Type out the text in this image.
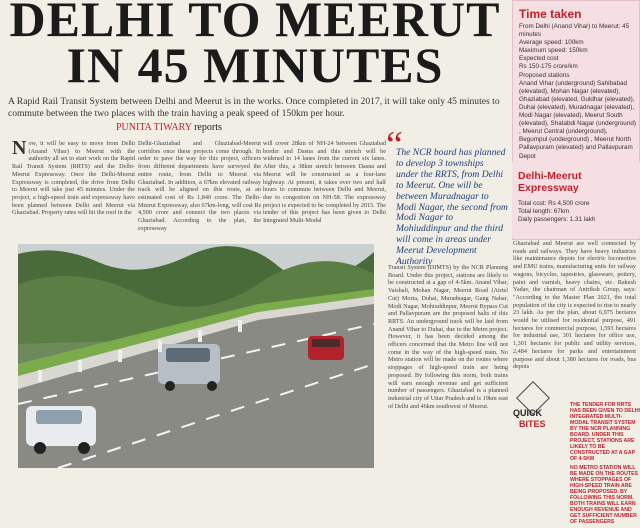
DELHI TO MEERUT
IN 45 MINUTES
A Rapid Rail Transit System between Delhi and Meerut is in the works. Once completed in 2017, it will take only 45 minutes to commute between the two places with the train having a peak speed of 150km per hour.
PUNITA TIWARY reports
Now, it will be easy to move from Delhi (Anand Vihar) to Meerut with the authority all set to start work on the Rapid Rail Transit System (RRTS) and the Delhi-Meerut Expressway. Once the Delhi-Meerut Expressway is completed, the drive from Delhi to Meerut will take just 45 minutes. Under the project, a high-speed train and expressway have been planned between Delhi and Meerut via Ghaziabad. Property rates will hit the roof in the
Delhi-Ghaziabad and Ghaziabad-Meerut corridors once these projects come through. In order to pave the way for this project, officers from different departments have surveyed the entire route, from Delhi to Meerut via Ghaziabad. In addition, a 67km elevated railway track will be aligned on this route, at an estimated cost of Rs 1,840 crore. The Delhi-Meerut Expressway, also 67km-long, will cost Rs 4,500 crore and connect the two places via Ghaziabad. According to the plan, the expressway
will cover 28km of NH-24 between Ghaziabad border and Dasna and this stretch will be widened to 14 lanes from the current six lanes. After this, a 38km stretch between Dasna and Meerut will be constructed as a four-lane highway. At present, it takes over two and half hours to commute between Delhi and Meerut, due to congestion on NH-58. The expressway project is expected to be completed by 2015. The tender of this project has been given to Delhi Integrated Multi-Modal
“
The NCR board has planned to develop 3 townships under the RRTS, from Delhi to Meerut. One will be between Muradnagar to Modi Nagar, the second from Modi Nagar to Mohiuddinpur and the third will come in areas under Meerut Development Authority
Transit System (DIMTS) by the NCR Planning Board. Under this project, stations are likely to be constructed at a gap of 4-5km. Anand Vihar, Vaishali, Mohan Nagar, Meerut Road (Airtel Cut) Morta, Duhai, Muradnagar, Gang Nahar, Modi Nagar, Mohiuddinpur, Meerut Bypass Cut and Pallavpuram are the proposed halts of this RRTS. An underground track will be laid from Anand Vihar to Duhai, due to the Metro project. However, it has been decided among the officers concerned that the Metro line will not come in the way of the high-speed train. No Metro station will be made on the routes where stoppages of high-speed train are being proposed. By following this norm, both trains will earn enough revenue and get sufficient number of passengers. Ghaziabad is a planned industrial city of Uttar Pradesh and is 19km east of Delhi and 46km southwest of Meerut.
Ghaziabad and Meerut are well connected by roads and railways. They have heavy industries like maintenance depots for electric locomotive and EMU trains, manufacturing units for railway wagons, bicycles, tapestries, glassware, pottery, paint and varnish, heavy chains, etc. Rakesh Yadav, the chairman of Antriksh Group, says: "According to the Master Plan 2021, the total population of the city is expected to rise to nearly 23 lakh. As per the plan, about 6,975 hectares would be utilised for residential purpose, 491 hectares for commercial purpose, 1,593 hectares for industrial use, 301 hectares for office use, 1,301 hectares for public and utility services, 2,484 hectares for parks and entertainment purpose and about 1,380 hectares for roads, bus depots
Time taken
From Delhi (Anand Vihar) to Meerut: 45 minutes
Average speed: 100km
Maximum speed: 150km
Expected cost
Rs 150-175 crore/km
Proposed stations
Anand Vihar (underground) Sahibabad (elevated), Mohan Nagar (elevated), Ghaziabad (elevated, Guldhar (elevated), Duhai (elevated), Muradnagar (elevated), Modi Nagar (elevated), Meerut South (elevated), Shatabdi Nagar (underground) , Meerut Central (underground), Begumpul (underground) , Meerut North Pallavpuram (elevated) and Pallavpuram Depot
Delhi-Meerut Expressway
Total cost: Rs 4,500 crore
Total length: 67km
Daily passengers: 1.31 lakh
QUICK
BITES

THE TENDER FOR RRTS HAS BEEN GIVEN TO DELHI INTEGRATED MULTI-MODAL TRANSIT SYSTEM BY THE NCR PLANNING BOARD. UNDER THIS PROJECT, STATIONS ARE LIKELY TO BE CONSTRUCTED AT A GAP OF 4-5KM

NO METRO STATION WILL BE MADE ON THE ROUTES WHERE STOPPAGES OF HIGH-SPEED TRAIN ARE BEING PROPOSED. BY FOLLOWING THIS NORM, BOTH TRAINS WILL EARN ENOUGH REVENUE AND GET SUFFICIENT NUMBER OF PASSENGERS
